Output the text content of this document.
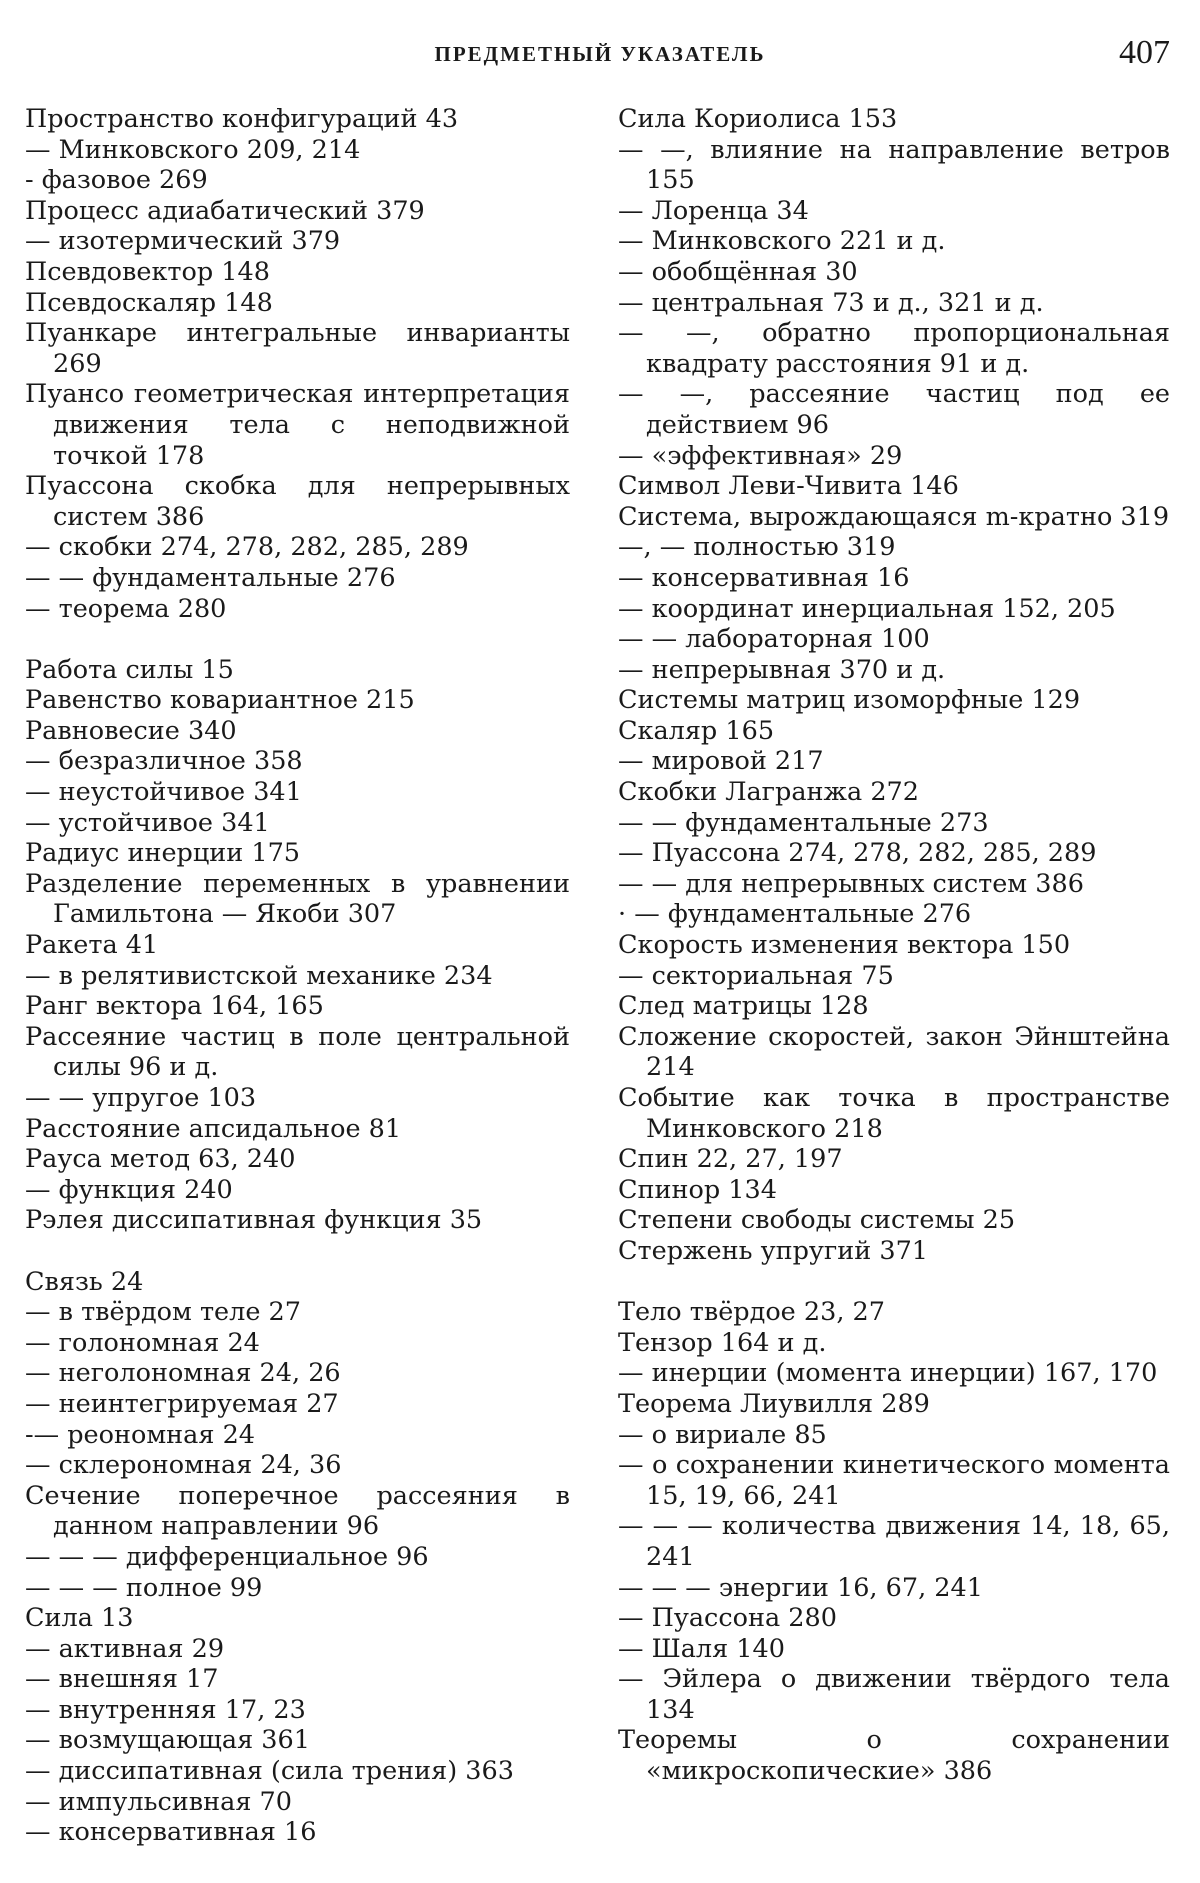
ПРЕДМЕТНЫЙ УКАЗАТЕЛЬ	407
Пространство конфигураций 43
— Минковского 209, 214
- фазовое 269
Процесс адиабатический 379
— изотермический 379
Псевдовектор 148
Псевдоскаляр 148
Пуанкаре интегральные инварианты 269
Пуансо геометрическая интерпретация движения тела с неподвижной точкой 178
Пуассона скобка для непрерывных систем 386
— скобки 274, 278, 282, 285, 289
— — фундаментальные 276
— теорема 280
Работа силы 15
Равенство ковариантное 215
Равновесие 340
— безразличное 358
— неустойчивое 341
— устойчивое 341
Радиус инерции 175
Разделение переменных в уравнении Гамильтона — Якоби 307
Ракета 41
— в релятивистской механике 234
Ранг вектора 164, 165
Рассеяние частиц в поле центральной силы 96 и д.
— — упругое 103
Расстояние апсидальное 81
Рауса метод 63, 240
— функция 240
Рэлея диссипативная функция 35
Связь 24
— в твёрдом теле 27
— голономная 24
— неголономная 24, 26
— неинтегрируемая 27
-— реономная 24
— склерономная 24, 36
Сечение поперечное рассеяния в данном направлении 96
— — — дифференциальное 96
— — — полное 99
Сила 13
— активная 29
— внешняя 17
— внутренняя 17, 23
— возмущающая 361
— диссипативная (сила трения) 363
— импульсивная 70
— консервативная 16
Сила Кориолиса 153
— —, влияние на направление ветров 155
— Лоренца 34
— Минковского 221 и д.
— обобщённая 30
— центральная 73 и д., 321 и д.
— —, обратно пропорциональная квадрату расстояния 91 и д.
— —, рассеяние частиц под ее действием 96
— «эффективная» 29
Символ Леви-Чивита 146
Система, вырождающаяся m-кратно 319
—, — полностью 319
— консервативная 16
— координат инерциальная 152, 205
— — лабораторная 100
— непрерывная 370 и д.
Системы матриц изоморфные 129
Скаляр 165
— мировой 217
Скобки Лагранжа 272
— — фундаментальные 273
— Пуассона 274, 278, 282, 285, 289
— — для непрерывных систем 386
· — фундаментальные 276
Скорость изменения вектора 150
— секториальная 75
След матрицы 128
Сложение скоростей, закон Эйнштейна 214
Событие как точка в пространстве Минковского 218
Спин 22, 27, 197
Спинор 134
Степени свободы системы 25
Стержень упругий 371
Тело твёрдое 23, 27
Тензор 164 и д.
— инерции (момента инерции) 167, 170
Теорема Лиувилля 289
— о вириале 85
— о сохранении кинетического момента 15, 19, 66, 241
— — — количества движения 14, 18, 65, 241
— — — энергии 16, 67, 241
— Пуассона 280
— Шаля 140
— Эйлера о движении твёрдого тела 134
Теоремы о сохранении «микроскопические» 386
